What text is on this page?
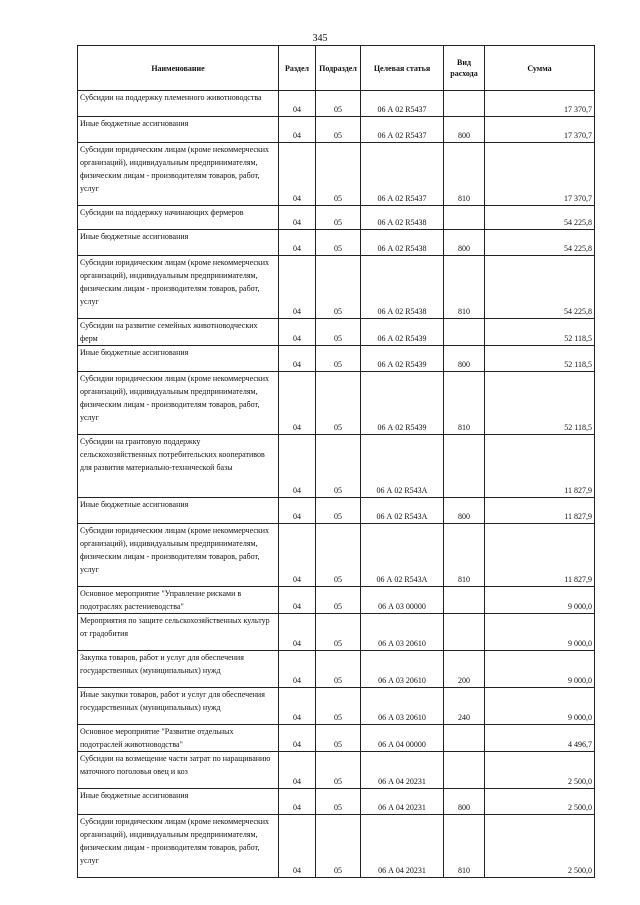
345
Наименование	Раздел	Подраздел	Целевая статья	Вид расхода	Сумма
Субсидии на поддержку племенного животноводства	04	05	06 А 02 R5437		17 370,7
Иные бюджетные ассигнования	04	05	06 А 02 R5437	800	17 370,7
Субсидии юридическим лицам (кроме некоммерческих организаций), индивидуальным предпринимателям, физическим лицам - производителям товаров, работ, услуг	04	05	06 А 02 R5437	810	17 370,7
Субсидии на поддержку начинающих фермеров	04	05	06 А 02 R5438		54 225,8
Иные бюджетные ассигнования	04	05	06 А 02 R5438	800	54 225,8
Субсидии юридическим лицам (кроме некоммерческих организаций), индивидуальным предпринимателям, физическим лицам - производителям товаров, работ, услуг	04	05	06 А 02 R5438	810	54 225,8
Субсидии на развитие семейных животноводческих ферм	04	05	06 А 02 R5439		52 118,5
Иные бюджетные ассигнования	04	05	06 А 02 R5439	800	52 118,5
Субсидии юридическим лицам (кроме некоммерческих организаций), индивидуальным предпринимателям, физическим лицам - производителям товаров, работ, услуг	04	05	06 А 02 R5439	810	52 118,5
Субсидии на грантовую поддержку сельскохозяйственных потребительских кооперативов для развития материально-технической базы	04	05	06 А 02 R543А		11 827,9
Иные бюджетные ассигнования	04	05	06 А 02 R543А	800	11 827,9
Субсидии юридическим лицам (кроме некоммерческих организаций), индивидуальным предпринимателям, физическим лицам - производителям товаров, работ, услуг	04	05	06 А 02 R543А	810	11 827,9
Основное мероприятие "Управление рисками в подотраслях растениеводства"	04	05	06 А 03 00000		9 000,0
Мероприятия по защите сельскохозяйственных культур от градобития	04	05	06 А 03 20610		9 000,0
Закупка товаров, работ и услуг для обеспечения государственных (муниципальных) нужд	04	05	06 А 03 20610	200	9 000,0
Иные закупки товаров, работ и услуг для обеспечения государственных (муниципальных) нужд	04	05	06 А 03 20610	240	9 000,0
Основное мероприятие "Развитие отдельных подотраслей животноводства"	04	05	06 А 04 00000		4 496,7
Субсидии на возмещение части затрат по наращиванию маточного поголовья овец и коз	04	05	06 А 04 20231		2 500,0
Иные бюджетные ассигнования	04	05	06 А 04 20231	800	2 500,0
Субсидии юридическим лицам (кроме некоммерческих организаций), индивидуальным предпринимателям, физическим лицам - производителям товаров, работ, услуг	04	05	06 А 04 20231	810	2 500,0
